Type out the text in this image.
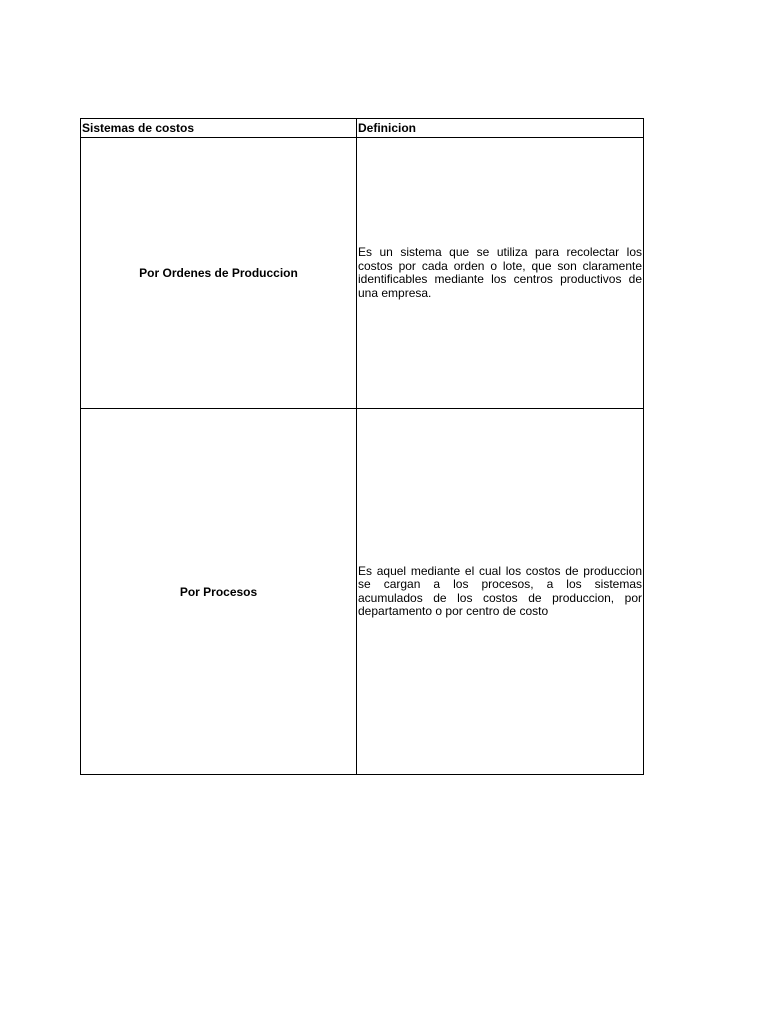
Sistemas de costos	Definicion
Por Ordenes de Produccion	Es un sistema que se utiliza para recolectar los costos por cada orden o lote, que son claramente identificables mediante los centros productivos de una empresa.
Por Procesos	Es aquel mediante el cual los costos de produccion se cargan a los procesos, a los sistemas acumulados de los costos de produccion, por departamento o por centro de costo
